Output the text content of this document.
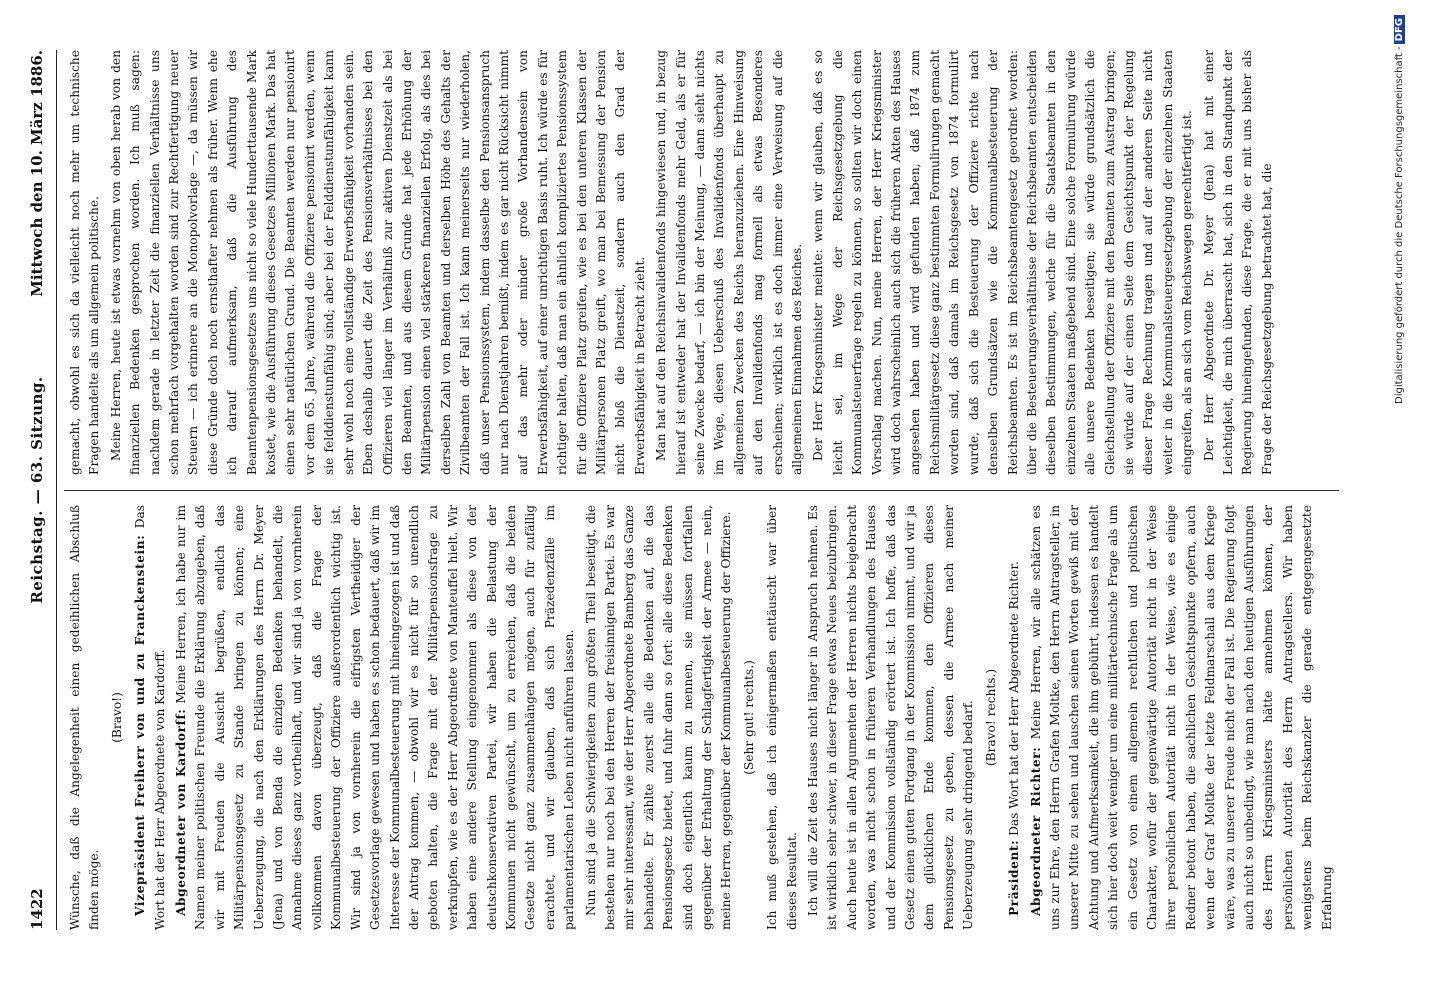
1422
Reichstag. — 63. Sitzung.
Mittwoch den 10. März 1886.

Wünsche, daß die Angelegenheit einen gedeihlichen Abschluß finden möge.

(Bravo!) Vizepräsident Freiherr von und zu Franckenstein: Das Wort hat der Herr Abgeordnete von Kardorff. Abgeordneter von Kardorff: Meine Herren, ich habe nur im Namen meiner politischen Freunde die Erklärung abzugeben, daß wir mit Freuden die Aussicht begrüßen, endlich das Militärpensionsgesetz zu Stande bringen zu können; eine Ueberzeugung, die nach den Erklärungen des Herrn Dr. Meyer (Jena) und von Benda die einzigen Bedenken behandelt, die Annahme dieses ganz vortheilhaft, und wir sind ja von vornherein vollkommen davon überzeugt, daß die Frage der Kommunalbesteuerung der Offiziere außerordentlich wichtig ist. Wir sind ja von vornherein die eifrigsten Vertheidiger der Gesetzesvorlage gewesen und haben es schon bedauert, daß wir im Interesse der Kommunalbesteuerung mit hineingezogen ist und daß der Antrag kommen, — obwohl wir es nicht für so unendlich geboten halten, die Frage mit der Militärpensionsfrage zu verknüpfen, wie es der Herr Abgeordnete von Manteuffel hielt. Wir haben eine andere Stellung eingenommen als diese von der deutschkonservativen Partei, wir haben die Belastung der Kommunen nicht gewünscht, um zu erreichen, daß die beiden Gesetze nicht ganz zusammenhängen mögen, auch für zufällig erachtet, und wir glauben, daß sich Präzedenzfälle im parlamentarischen Leben nicht anführen lassen. Nun sind ja die Schwierigkeiten zum größten Theil beseitigt, die bestehen nur noch bei den Herren der freisinnigen Partei. Es war mir sehr interessant, wie der Herr Abgeordnete Bamberg das Ganze behandelte. Er zählte zuerst alle die Bedenken auf, die das Pensionsgesetz bietet, und fuhr dann so fort: alle diese Bedenken sind doch eigentlich kaum zu nennen, sie müssen fortfallen gegenüber der Erhaltung der Schlagfertigkeit der Armee — nein, meine Herren, gegenüber der Kommunalbesteuerung der Offiziere. (Sehr gut! rechts.) Ich muß gestehen, daß ich einigermaßen enttäuscht war über dieses Resultat. Ich will die Zeit des Hauses nicht länger in Anspruch nehmen. Es ist wirklich sehr schwer, in dieser Frage etwas Neues beizubringen. Auch heute ist in allen Argumenten der Herren nichts beigebracht worden, was nicht schon in früheren Verhandlungen des Hauses und der Kommission vollständig erörtert ist. Ich hoffe, daß das Gesetz einen guten Fortgang in der Kommission nimmt, und wir ja dem glücklichen Ende kommen, den Offizieren dieses Pensionsgesetz zu geben, dessen die Armee nach meiner Ueberzeugung sehr dringend bedarf. (Bravo! rechts.)

Präsident: Das Wort hat der Herr Abgeordnete Richter. Abgeordneter Richter: Meine Herren, wir alle schätzen es uns zur Ehre, den Herrn Grafen Moltke, den Herrn Antragsteller, in unserer Mitte zu sehen und lauschen seinen Worten gewiß mit der Achtung und Aufmerksamkeit, die ihm gebührt, indessen es handelt sich hier doch weit weniger um eine militärtechnische Frage als um ein Gesetz von einem allgemein rechtlichen und politischen Charakter, wofür der gegenwärtige Autorität nicht in der Weise ihrer persönlichen Autorität nicht in der Weise, wie es einige Redner betont haben, die sachlichen Gesichtspunkte opfern, auch wenn der Graf Moltke der letzte Feldmarschall aus dem Kriege wäre, was zu unserer Freude nicht der Fall ist. Die Regierung folgt auch nicht so unbedingt, wie man nach den heutigen Ausführungen des Herrn Kriegsministers hätte annehmen können, der persönlichen Autorität des Herrn Antragstellers. Wir haben wenigstens beim Reichskanzler die gerade entgegengesetzte Erfahrung

gemacht, obwohl es sich da vielleicht noch mehr um technische Fragen handelte als um allgemein politische. Meine Herren, heute ist etwas vornehm von oben herab von den finanziellen Bedenken gesprochen worden. Ich muß sagen: nachdem gerade in letzter Zeit die finanziellen Verhältnisse uns schon mehrfach vorgehalten worden sind zur Rechtfertigung neuer Steuern — ich erinnere an die Monopolvorlage —, da müssen wir diese Gründe doch noch ernsthafter nehmen als früher. Wenn ehe ich darauf aufmerksam, daß die Ausführung des Beamtenpensionsgesetzes uns nicht so viele Hunderttausende Mark kostet, wie die Ausführung dieses Gesetzes Millionen Mark. Das hat einen sehr natürlichen Grund. Die Beamten werden nur pensionirt vor dem 65. Jahre, während die Offiziere pensionirt werden, wenn sie felddienstunfähig sind; aber bei der Felddienstunfähigkeit kann sehr wohl noch eine vollständige Erwerbsfähigkeit vorhanden sein. Eben deshalb dauert die Zeit des Pensionsverhältnisses bei den Offizieren viel länger im Verhältniß zur aktiven Dienstzeit als bei den Beamten, und aus diesem Grunde hat jede Erhöhung der Militärpension einen viel stärkeren finanziellen Erfolg, als dies bei derselben Zahl von Beamten und derselben Höhe des Gehalts der Zivilbeamten der Fall ist. Ich kann meinerseits nur wiederholen, daß unser Pensionssystem, indem dasselbe den Pensionsanspruch nur nach Dienstjahren bemißt, indem es gar nicht Rücksicht nimmt auf das mehr oder minder große Vorhandensein von Erwerbsfähigkeit, auf einer unrichtigen Basis ruht. Ich würde es für richtiger halten, daß man ein ähnlich kompliziertes Pensionssystem für die Offiziere Platz greifen, wie es bei den unteren Klassen der Militärpersonen Platz greift, wo man bei Bemessung der Pension nicht bloß die Dienstzeit, sondern auch den Grad der Erwerbsfähigkeit in Betracht zieht. Man hat auf den Reichsinvalidenfonds hingewiesen und, in bezug hierauf ist entweder hat der Invalidenfonds mehr Geld, als er für seine Zwecke bedarf, — ich bin der Meinung, — dann sieht nichts im Wege, diesen Ueberschuß des Invalidenfonds überhaupt zu allgemeinen Zwecken des Reichs heranzuziehen. Eine Hinweisung auf den Invalidenfonds mag formell als etwas Besonderes erscheinen; wirklich ist es doch immer eine Verweisung auf die allgemeinen Einnahmen des Reiches. Der Herr Kriegsminister meinte: wenn wir glauben, daß es so leicht sei, im Wege der Reichsgesetzgebung die Kommunalsteuerfrage regeln zu können, so sollten wir doch einen Vorschlag machen. Nun, meine Herren, der Herr Kriegsminister wird doch wahrscheinlich auch sich die früheren Akten des Hauses angesehen haben und wird gefunden haben, daß 1874 zum Reichsmilitärgesetz diese ganz bestimmten Formulirungen gemacht worden sind, daß damals im Reichsgesetz von 1874 formulirt wurde, daß sich die Besteuerung der Offiziere richte nach denselben Grundsätzen wie die Kommunalbesteuerung der Reichsbeamten. Es ist im Reichsbeamtengesetz geordnet worden: über die Besteuerungsverhältnisse der Reichsbeamten entscheiden dieselben Bestimmungen, welche für die Staatsbeamten in den einzelnen Staaten maßgebend sind. Eine solche Formulirung würde alle unsere Bedenken beseitigen; sie würde grundsätzlich die Gleichstellung der Offiziere mit den Beamten zum Austrag bringen; sie würde auf der einen Seite dem Gesichtspunkt der Regelung dieser Frage Rechnung tragen und auf der anderen Seite nicht weiter in die Kommunalsteuergesetzgebung der einzelnen Staaten eingreifen, als an sich vom Reichswegen gerechtfertigt ist. Der Herr Abgeordnete Dr. Meyer (Jena) hat mit einer Leichtigkeit, die mich überrascht hat, sich in den Standpunkt der Regierung hineingefunden, diese Frage, die er mit uns bisher als Frage der Reichsgesetzgebung betrachtet hat, die	Digitalisierung gefördert durch die Deutsche Forschungsgemeinschaft -DFG
